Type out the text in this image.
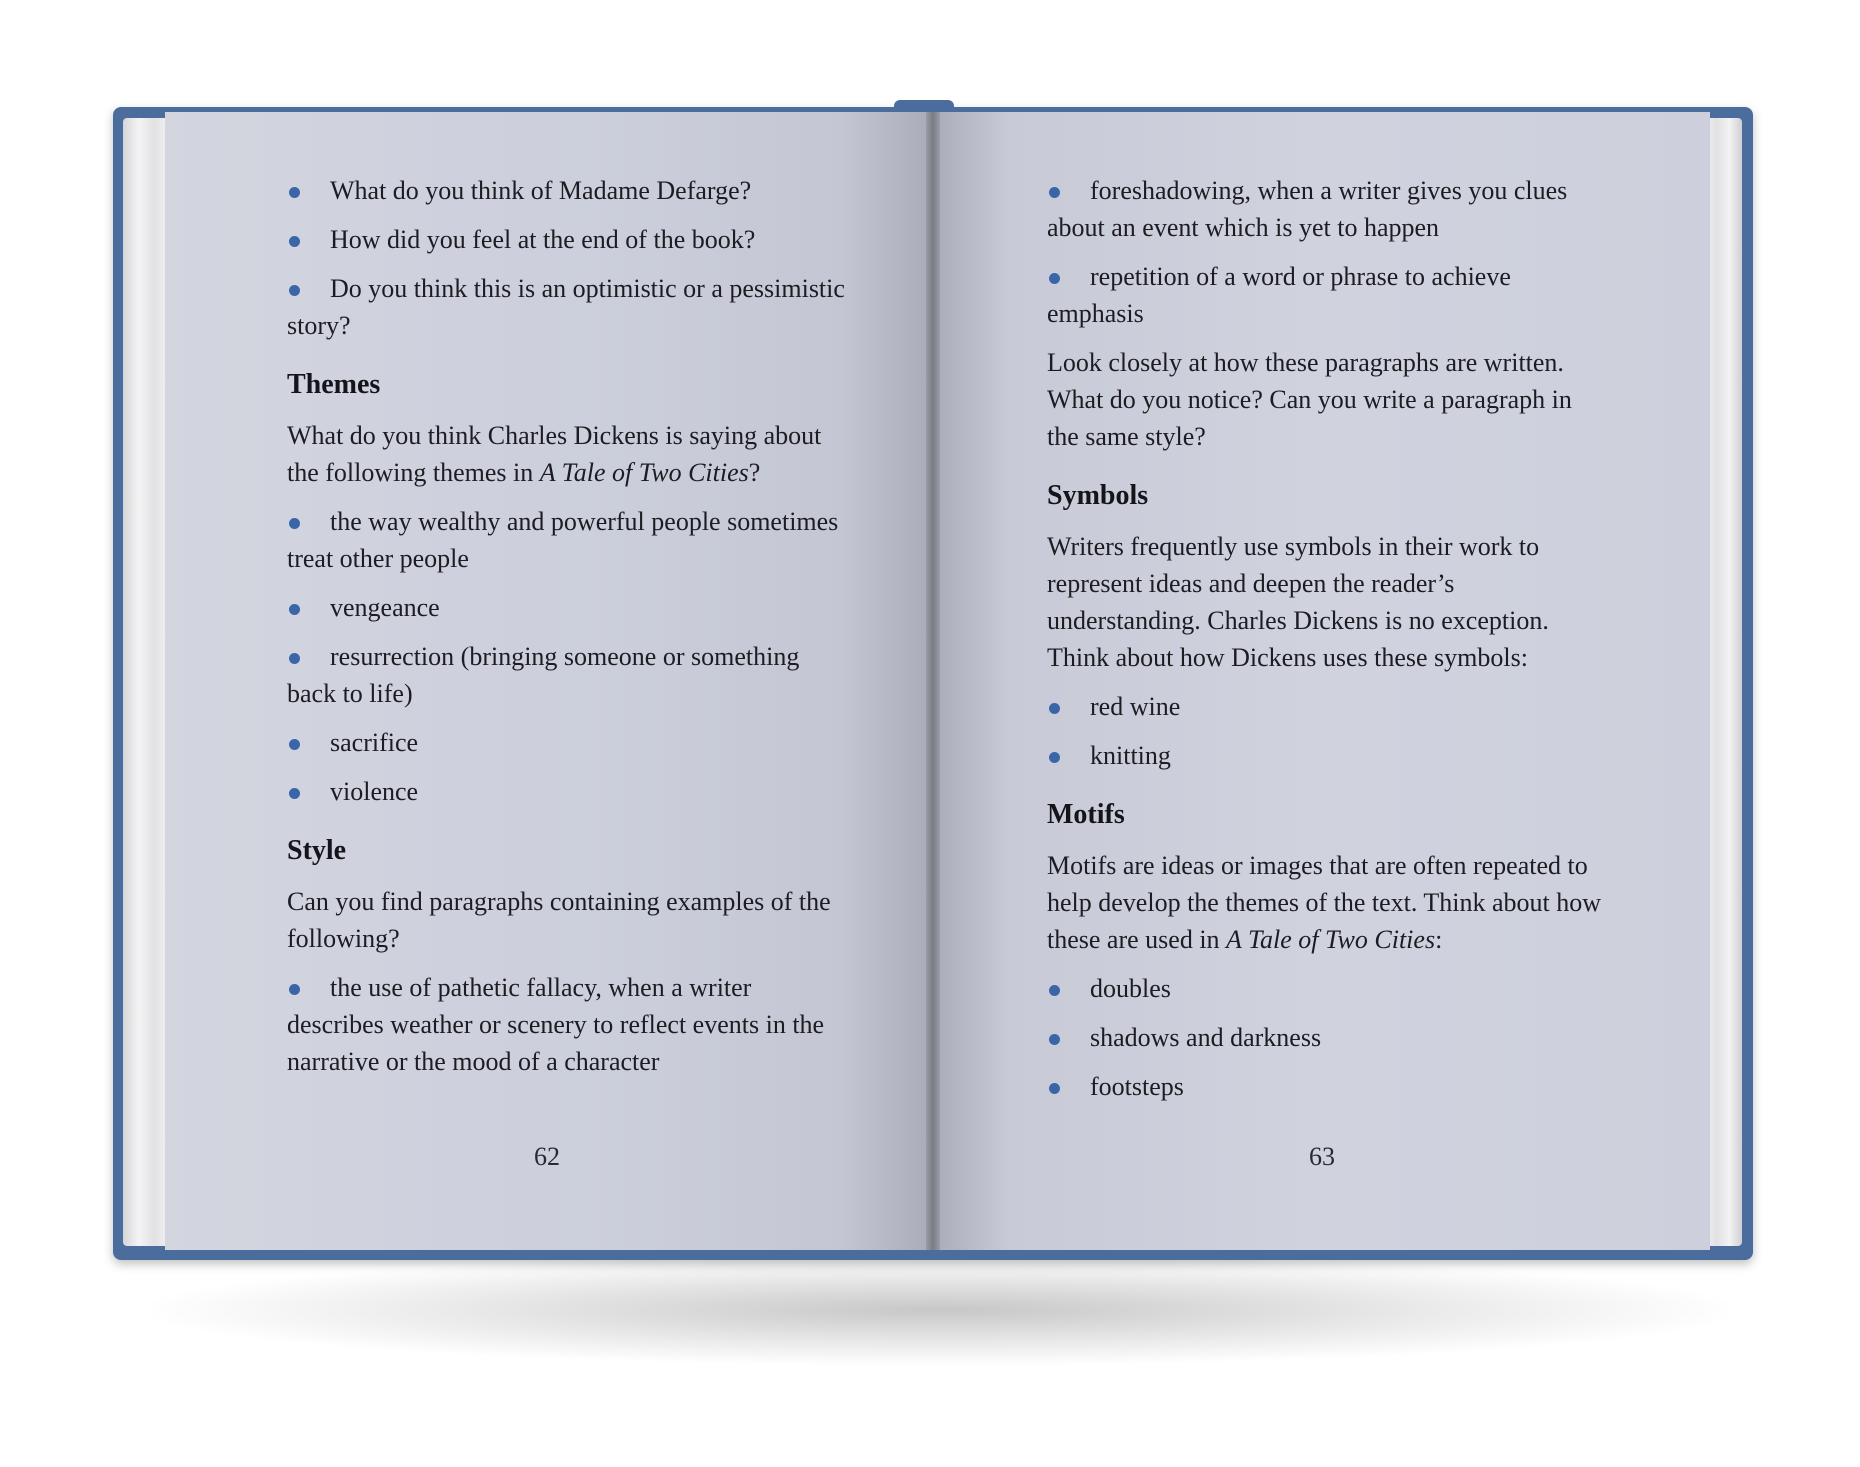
What do you think of Madame Defarge?
How did you feel at the end of the book?
Do you think this is an optimistic or a pessimistic story?
Themes

What do you think Charles Dickens is saying about the following themes in A Tale of Two Cities?

the way wealthy and powerful people sometimes treat other people
vengeance
resurrection (bringing someone or something back to life)
sacrifice
violence
Style

Can you find paragraphs containing examples of the following?

the use of pathetic fallacy, when a writer describes weather or scenery to reflect events in the narrative or the mood of a character
62
foreshadowing, when a writer gives you clues about an event which is yet to happen
repetition of a word or phrase to achieve emphasis

Look closely at how these paragraphs are written. What do you notice? Can you write a paragraph in the same style?

Symbols

Writers frequently use symbols in their work to represent ideas and deepen the reader’s understanding. Charles Dickens is no exception. Think about how Dickens uses these symbols:

red wine
knitting
Motifs

Motifs are ideas or images that are often repeated to help develop the themes of the text. Think about how these are used in A Tale of Two Cities:

doubles
shadows and darkness
footsteps
63
